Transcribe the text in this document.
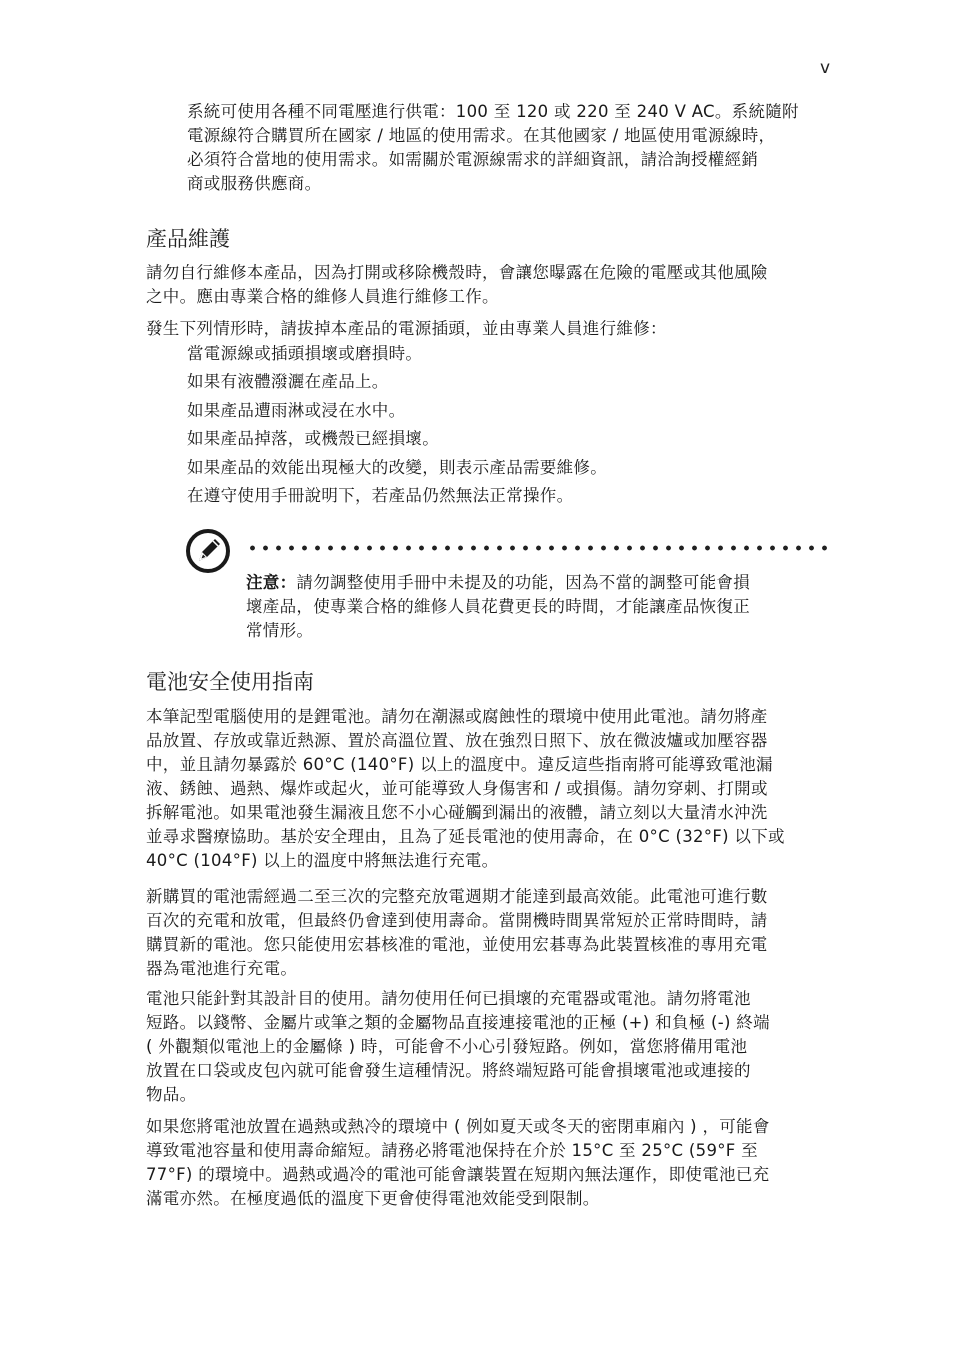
v

系統可使用各種不同電壓進行供電：100 至 120 或 220 至 240 V AC。系統隨附
電源線符合購買所在國家 / 地區的使用需求。在其他國家 / 地區使用電源線時，
必須符合當地的使用需求。如需關於電源線需求的詳細資訊，請洽詢授權經銷
商或服務供應商。

產品維護

請勿自行維修本產品，因為打開或移除機殼時，會讓您曝露在危險的電壓或其他風險
之中。應由專業合格的維修人員進行維修工作。

發生下列情形時，請拔掉本產品的電源插頭，並由專業人員進行維修：

當電源線或插頭損壞或磨損時。

如果有液體潑灑在產品上。

如果產品遭雨淋或浸在水中。

如果產品掉落，或機殼已經損壞。

如果產品的效能出現極大的改變，則表示產品需要維修。

在遵守使用手冊說明下，若產品仍然無法正常操作。

注意：請勿調整使用手冊中未提及的功能，因為不當的調整可能會損
壞產品，使專業合格的維修人員花費更長的時間，才能讓產品恢復正
常情形。

電池安全使用指南

本筆記型電腦使用的是鋰電池。請勿在潮濕或腐蝕性的環境中使用此電池。請勿將產
品放置、存放或靠近熱源、置於高溫位置、放在強烈日照下、放在微波爐或加壓容器
中，並且請勿暴露於 60°C (140°F) 以上的溫度中。違反這些指南將可能導致電池漏
液、銹蝕、過熱、爆炸或起火，並可能導致人身傷害和 / 或損傷。請勿穿刺、打開或
拆解電池。如果電池發生漏液且您不小心碰觸到漏出的液體，請立刻以大量清水沖洗
並尋求醫療協助。基於安全理由，且為了延長電池的使用壽命，在 0°C (32°F) 以下或
40°C (104°F) 以上的溫度中將無法進行充電。

新購買的電池需經過二至三次的完整充放電週期才能達到最高效能。此電池可進行數
百次的充電和放電，但最終仍會達到使用壽命。當開機時間異常短於正常時間時，請
購買新的電池。您只能使用宏碁核准的電池，並使用宏碁專為此裝置核准的專用充電
器為電池進行充電。

電池只能針對其設計目的使用。請勿使用任何已損壞的充電器或電池。請勿將電池
短路。以錢幣、金屬片或筆之類的金屬物品直接連接電池的正極 (+) 和負極 (-) 終端
( 外觀類似電池上的金屬條 ) 時，可能會不小心引發短路。例如，當您將備用電池
放置在口袋或皮包內就可能會發生這種情況。將終端短路可能會損壞電池或連接的
物品。

如果您將電池放置在過熱或熱冷的環境中 ( 例如夏天或冬天的密閉車廂內 ) ，可能會
導致電池容量和使用壽命縮短。請務必將電池保持在介於 15°C 至 25°C (59°F 至
77°F) 的環境中。過熱或過冷的電池可能會讓裝置在短期內無法運作，即使電池已充
滿電亦然。在極度過低的溫度下更會使得電池效能受到限制。
